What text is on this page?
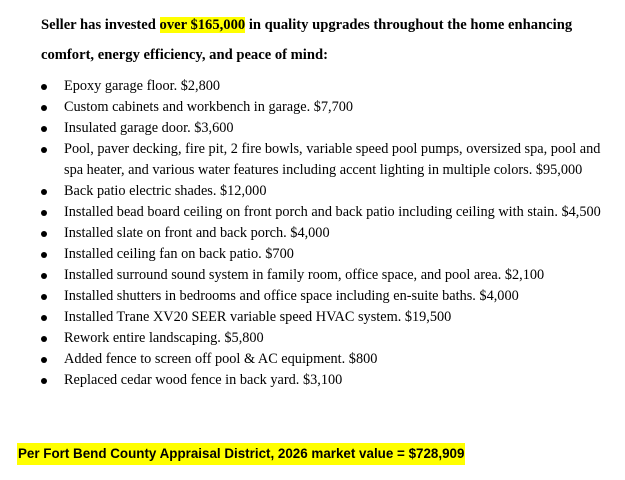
Seller has invested over $165,000 in quality upgrades throughout the home enhancing comfort, energy efficiency, and peace of mind:

Epoxy garage floor. $2,800
Custom cabinets and workbench in garage. $7,700
Insulated garage door. $3,600
Pool, paver decking, fire pit, 2 fire bowls, variable speed pool pumps, oversized spa, pool and spa heater, and various water features including accent lighting in multiple colors. $95,000
Back patio electric shades. $12,000
Installed bead board ceiling on front porch and back patio including ceiling with stain. $4,500
Installed slate on front and back porch. $4,000
Installed ceiling fan on back patio. $700
Installed surround sound system in family room, office space, and pool area. $2,100
Installed shutters in bedrooms and office space including en-suite baths. $4,000
Installed Trane XV20 SEER variable speed HVAC system. $19,500
Rework entire landscaping. $5,800
Added fence to screen off pool & AC equipment. $800
Replaced cedar wood fence in back yard. $3,100

Per Fort Bend County Appraisal District, 2026 market value = $728,909
